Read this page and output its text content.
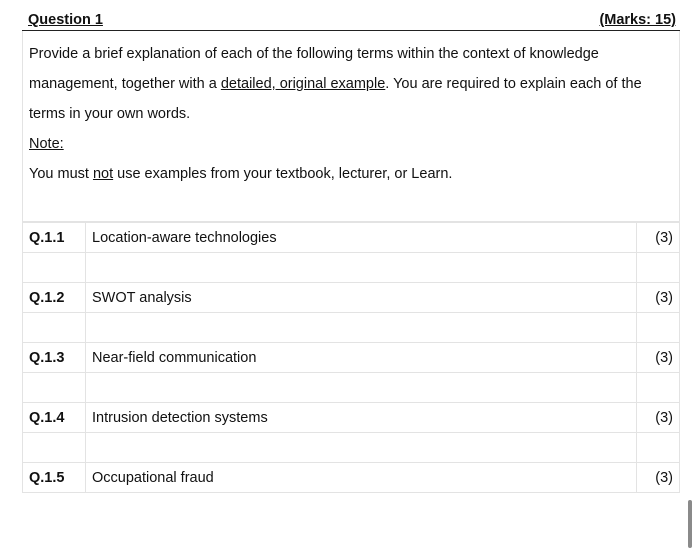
Question 1	(Marks: 15)

Provide a brief explanation of each of the following terms within the context of knowledge management, together with a detailed, original example. You are required to explain each of the terms in your own words.

Note:

You must not use examples from your textbook, lecturer, or Learn.

Q.1.1	Location-aware technologies	(3)

Q.1.2	SWOT analysis	(3)

Q.1.3	Near-field communication	(3)

Q.1.4	Intrusion detection systems	(3)

Q.1.5	Occupational fraud	(3)
